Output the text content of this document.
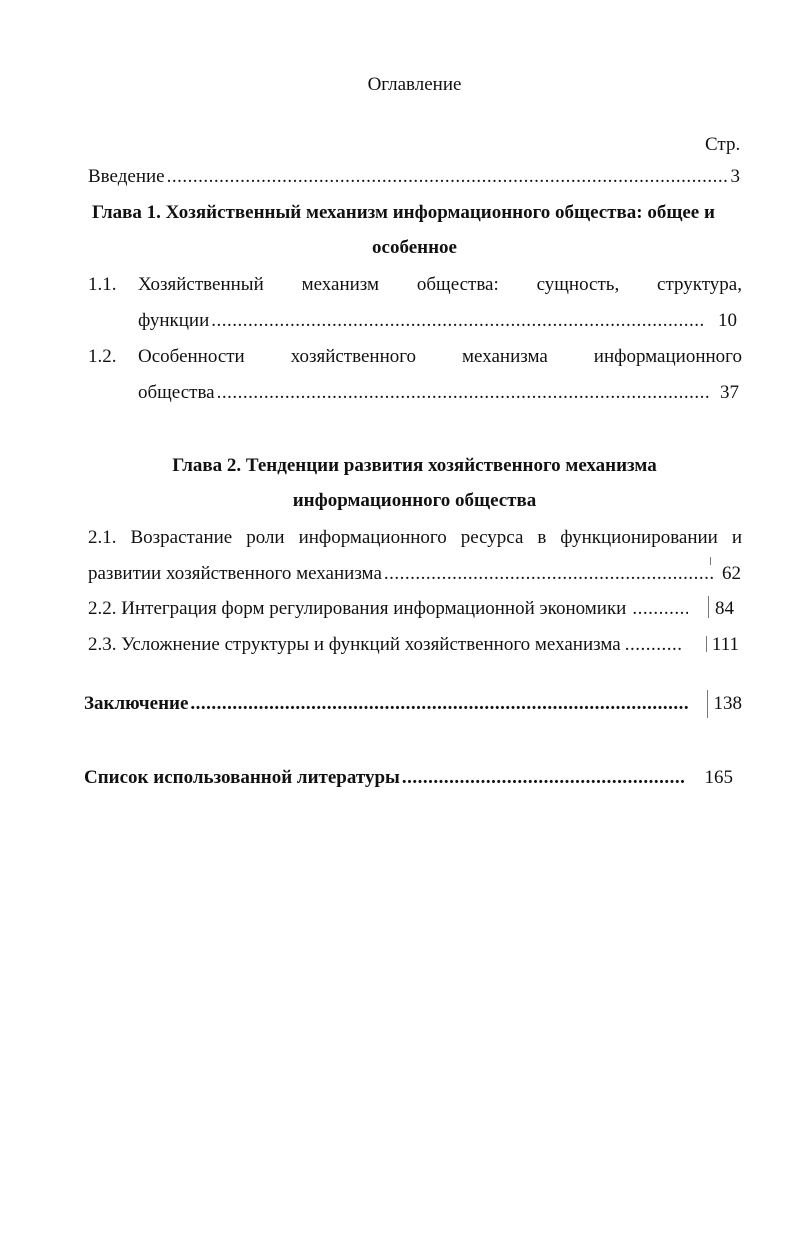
Оглавление
Стр.
Введение .....	3
Глава 1. Хозяйственный механизм информационного общества: общее и
особенное
1.1. Хозяйственный механизм общества: сущность, структура,
функции .....	10
1.2. Особенности хозяйственного механизма информационного
общества .....	37
Глава 2. Тенденции развития хозяйственного механизма
информационного общества
2.1. Возрастание роли информационного ресурса в функционировании и
развитии хозяйственного механизма .....	62
2.2. Интеграция форм регулирования информационной экономики .....	84
2.3. Усложнение структуры и функций хозяйственного механизма .....	111
Заключение .....	138
Список использованной литературы .....	165
